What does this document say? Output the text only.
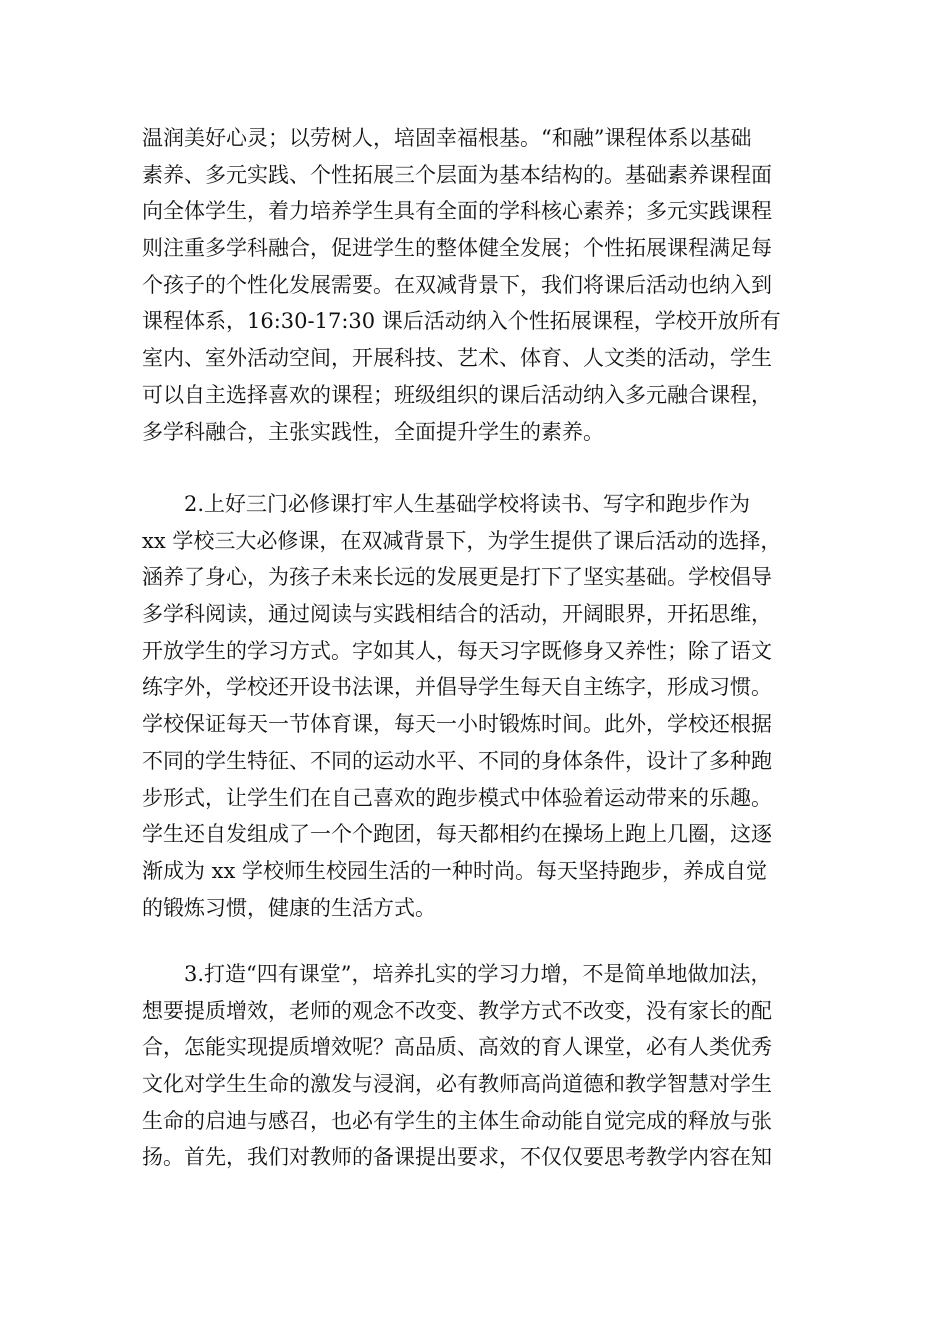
温润美好心灵；以劳树人，培固幸福根基。“和融”课程体系以基础
素养、多元实践、个性拓展三个层面为基本结构的。基础素养课程面
向全体学生，着力培养学生具有全面的学科核心素养；多元实践课程
则注重多学科融合，促进学生的整体健全发展；个性拓展课程满足每
个孩子的个性化发展需要。在双减背景下，我们将课后活动也纳入到
课程体系，16:30-17:30 课后活动纳入个性拓展课程，学校开放所有
室内、室外活动空间，开展科技、艺术、体育、人文类的活动，学生
可以自主选择喜欢的课程；班级组织的课后活动纳入多元融合课程，
多学科融合，主张实践性，全面提升学生的素养。
2.上好三门必修课打牢人生基础学校将读书、写字和跑步作为
xx 学校三大必修课，在双减背景下，为学生提供了课后活动的选择，
涵养了身心，为孩子未来长远的发展更是打下了坚实基础。学校倡导
多学科阅读，通过阅读与实践相结合的活动，开阔眼界，开拓思维，
开放学生的学习方式。字如其人，每天习字既修身又养性；除了语文
练字外，学校还开设书法课，并倡导学生每天自主练字，形成习惯。
学校保证每天一节体育课，每天一小时锻炼时间。此外，学校还根据
不同的学生特征、不同的运动水平、不同的身体条件，设计了多种跑
步形式，让学生们在自己喜欢的跑步模式中体验着运动带来的乐趣。
学生还自发组成了一个个跑团，每天都相约在操场上跑上几圈，这逐
渐成为 xx 学校师生校园生活的一种时尚。每天坚持跑步，养成自觉
的锻炼习惯，健康的生活方式。
3.打造“四有课堂”，培养扎实的学习力增，不是简单地做加法，
想要提质增效，老师的观念不改变、教学方式不改变，没有家长的配
合，怎能实现提质增效呢？高品质、高效的育人课堂，必有人类优秀
文化对学生生命的激发与浸润，必有教师高尚道德和教学智慧对学生
生命的启迪与感召，也必有学生的主体生命动能自觉完成的释放与张
扬。首先，我们对教师的备课提出要求，不仅仅要思考教学内容在知
